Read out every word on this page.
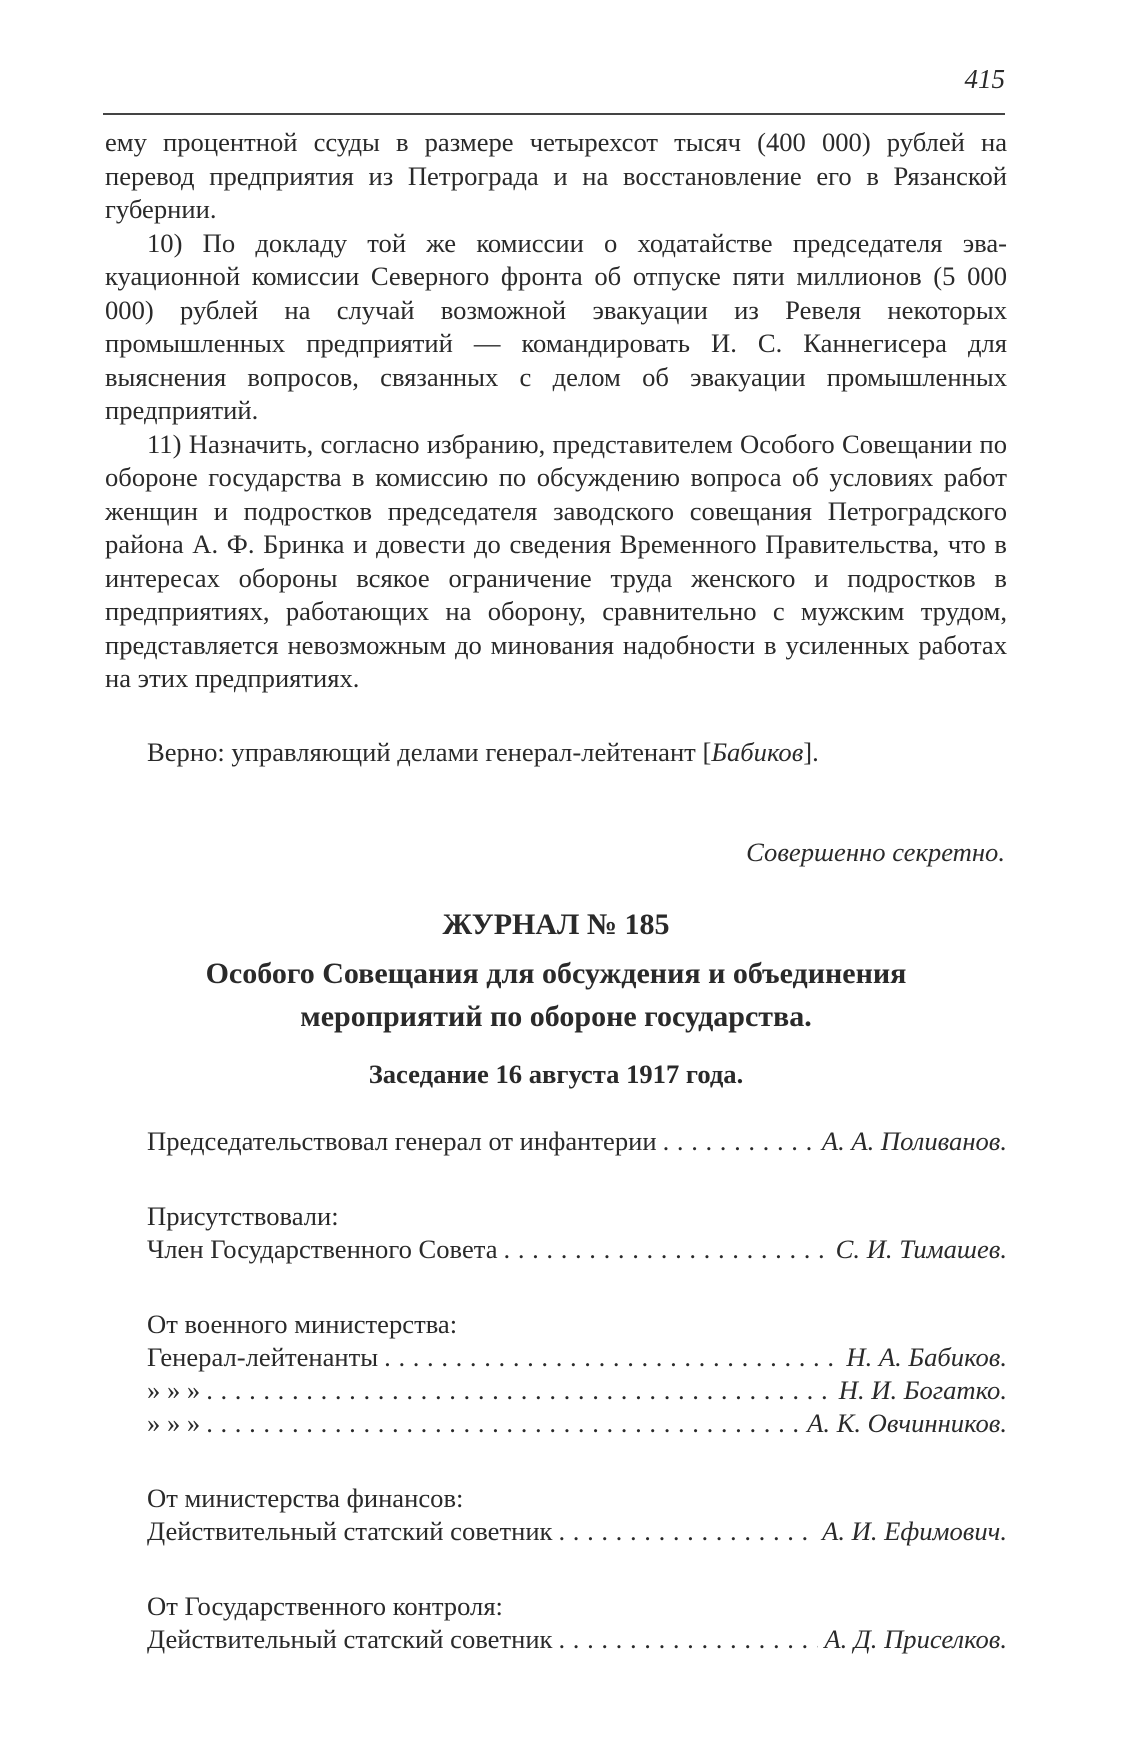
415

ему процентной ссуды в размере четырехсот тысяч (400 000) рублей на перевод предприятия из Петрограда и на восстановление его в Рязанской губернии.

10) По докладу той же комиссии о ходатайстве председателя эвакуационной комиссии Северного фронта об отпуске пяти миллионов (5 000 000) рублей на случай возможной эвакуации из Ревеля некоторых промышленных предприятий — командировать И. С. Каннегисера для выяснения вопросов, связанных с делом об эвакуации промышленных предприятий.

11) Назначить, согласно избранию, представителем Особого Совещании по обороне государства в комиссию по обсуждению вопроса об условиях работ женщин и подростков председателя заводского совещания Петроградского района А. Ф. Бринка и довести до сведения Временного Правительства, что в интересах обороны всякое ограничение труда женского и подростков в предприятиях, работающих на оборону, сравнительно с мужским трудом, представляется невозможным до минования надобности в усиленных работах на этих предприятиях.

Верно: управляющий делами генерал-лейтенант [Бабиков].
Совершенно секретно.
ЖУРНАЛ № 185
Особого Совещания для обсуждения и объединения
мероприятий по обороне государства.
Заседание 16 августа 1917 года.
Председательствовал генерал от инфантерии . . .	А. А. Поливанов.
Присутствовали:
Член Государственного Совета . . .	С. И. Тимашев.
От военного министерства:
Генерал-лейтенанты . . .	Н. А. Бабиков.
» » » . . .	Н. И. Богатко.
» » » . . .	А. К. Овчинников.
От министерства финансов:
Действительный статский советник . . .	А. И. Ефимович.
От Государственного контроля:
Действительный статский советник . . .	А. Д. Приселков.
